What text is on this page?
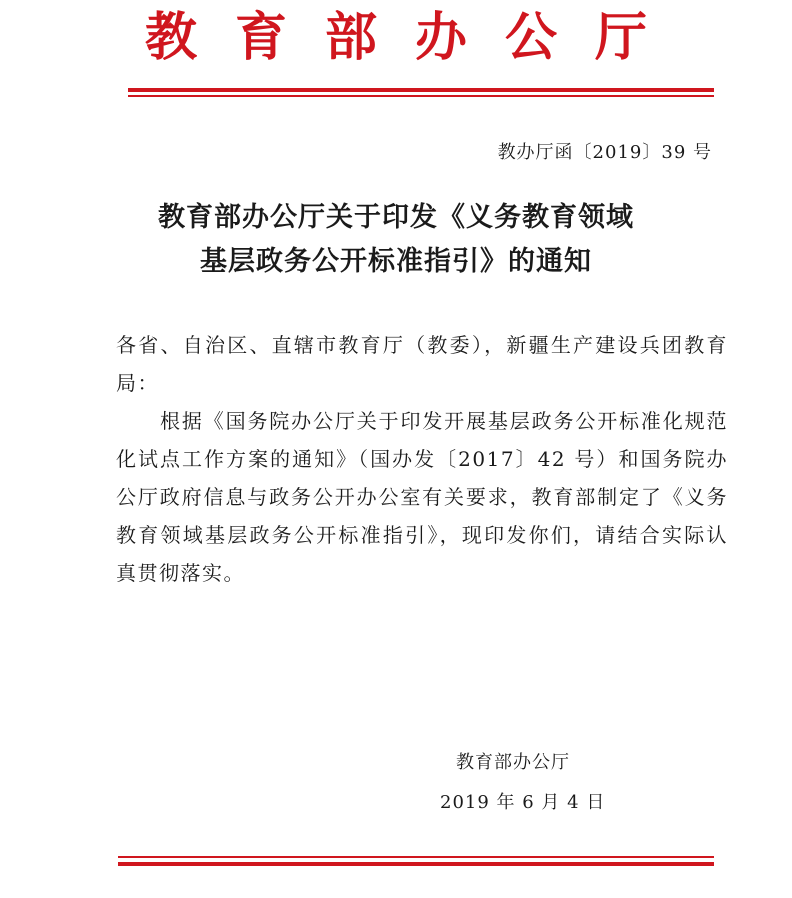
教育部办公厅
教办厅函〔2019〕39 号
教育部办公厅关于印发《义务教育领域
基层政务公开标准指引》的通知
各省、自治区、直辖市教育厅（教委），新疆生产建设兵团教育局：
根据《国务院办公厅关于印发开展基层政务公开标准化规范化试点工作方案的通知》（国办发〔2017〕42 号）和国务院办公厅政府信息与政务公开办公室有关要求，教育部制定了《义务教育领域基层政务公开标准指引》，现印发你们，请结合实际认真贯彻落实。
教育部办公厅
2019 年 6 月 4 日
